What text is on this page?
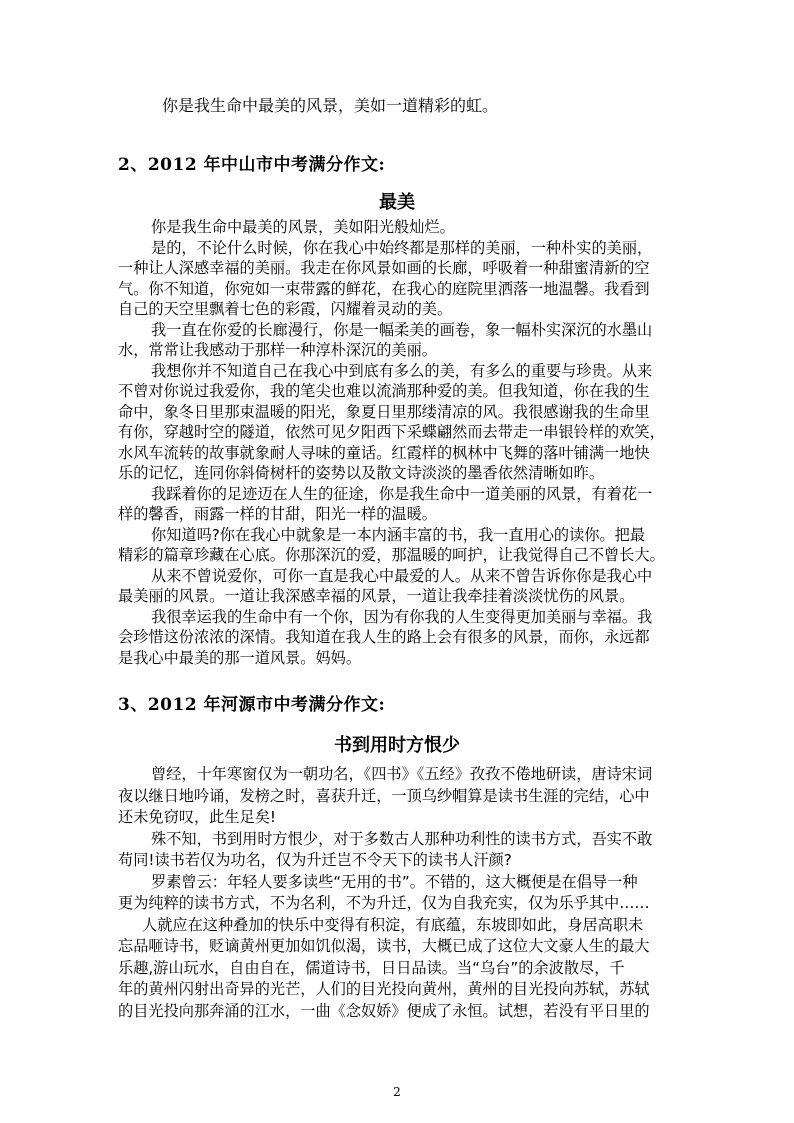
你是我生命中最美的风景，美如一道精彩的虹。
2、2012 年中山市中考满分作文:
最美
你是我生命中最美的风景，美如阳光般灿烂。
是的，不论什么时候，你在我心中始终都是那样的美丽，一种朴实的美丽，
一种让人深感幸福的美丽。我走在你风景如画的长廊，呼吸着一种甜蜜清新的空
气。你不知道，你宛如一束带露的鲜花，在我心的庭院里洒落一地温馨。我看到
自己的天空里飘着七色的彩霞，闪耀着灵动的美。
我一直在你爱的长廊漫行，你是一幅柔美的画卷，象一幅朴实深沉的水墨山
水，常常让我感动于那样一种淳朴深沉的美丽。
我想你并不知道自己在我心中到底有多么的美，有多么的重要与珍贵。从来
不曾对你说过我爱你，我的笔尖也难以流淌那种爱的美。但我知道，你在我的生
命中，象冬日里那束温暖的阳光，象夏日里那缕清凉的风。我很感谢我的生命里
有你，穿越时空的隧道，依然可见夕阳西下采蝶翩然而去带走一串银铃样的欢笑，
水风车流转的故事就象耐人寻味的童话。红霞样的枫林中飞舞的落叶铺满一地快
乐的记忆，连同你斜倚树杆的姿势以及散文诗淡淡的墨香依然清晰如昨。
我踩着你的足迹迈在人生的征途，你是我生命中一道美丽的风景，有着花一
样的馨香，雨露一样的甘甜，阳光一样的温暖。
你知道吗?你在我心中就象是一本内涵丰富的书，我一直用心的读你。把最
精彩的篇章珍藏在心底。你那深沉的爱，那温暖的呵护，让我觉得自己不曾长大。
从来不曾说爱你，可你一直是我心中最爱的人。从来不曾告诉你你是我心中
最美丽的风景。一道让我深感幸福的风景，一道让我牵挂着淡淡忧伤的风景。
我很幸运我的生命中有一个你，因为有你我的人生变得更加美丽与幸福。我
会珍惜这份浓浓的深情。我知道在我人生的路上会有很多的风景，而你，永远都
是我心中最美的那一道风景。妈妈。
3、2012 年河源市中考满分作文:
书到用时方恨少
曾经，十年寒窗仅为一朝功名，《四书》《五经》孜孜不倦地研读，唐诗宋词
夜以继日地吟诵，发榜之时，喜获升迁，一顶乌纱帽算是读书生涯的完结，心中
还未免窃叹，此生足矣!
殊不知，书到用时方恨少，对于多数古人那种功利性的读书方式，吾实不敢
苟同!读书若仅为功名，仅为升迁岂不令天下的读书人汗颜?
罗素曾云：年轻人要多读些“无用的书”。不错的，这大概便是在倡导一种
更为纯粹的读书方式，不为名利，不为升迁，仅为自我充实，仅为乐乎其中……
人就应在这种叠加的快乐中变得有积淀，有底蕴，东坡即如此，身居高职未
忘品咂诗书，贬谪黄州更加如饥似渴，读书，大概已成了这位大文豪人生的最大
乐趣,游山玩水，自由自在，儒道诗书，日日品读。当“乌台”的余波散尽，千
年的黄州闪射出奇异的光芒，人们的目光投向黄州，黄州的目光投向苏轼，苏轼
的目光投向那奔涌的江水，一曲《念奴娇》便成了永恒。试想，若没有平日里的
2
